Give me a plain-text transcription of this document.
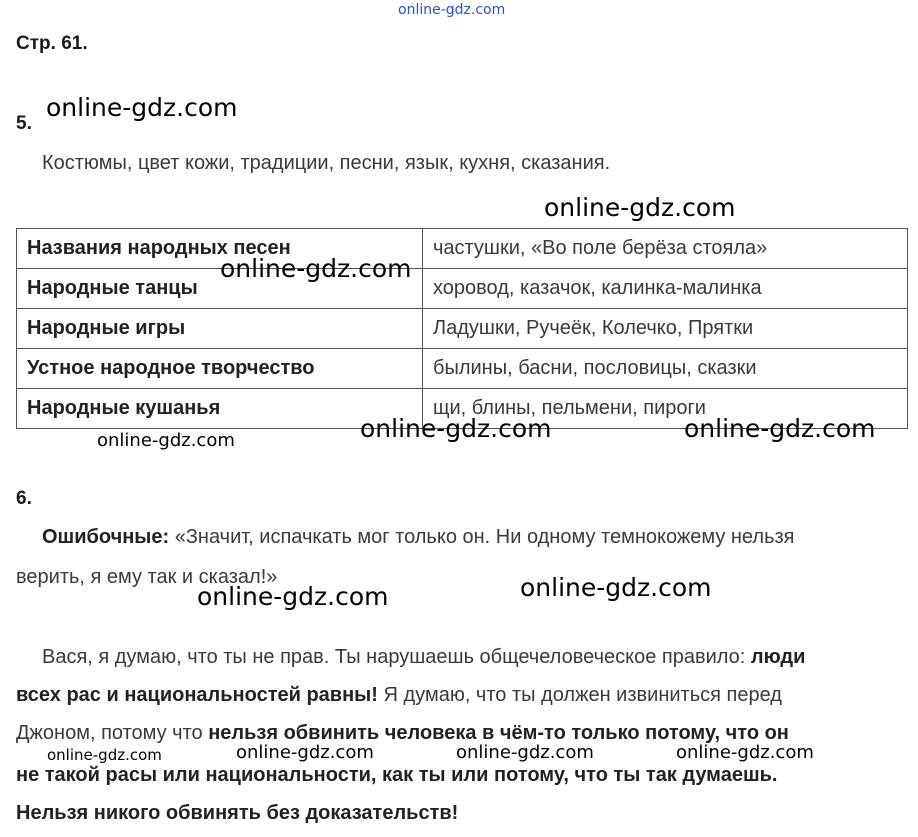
Стр. 61.
5.
Костюмы, цвет кожи, традиции, песни, язык, кухня, сказания.
Названия народных песен	частушки, «Во поле берёза стояла»
Народные танцы	хоровод, казачок, калинка-малинка
Народные игры	Ладушки, Ручеёк, Колечко, Прятки
Устное народное творчество	былины, басни, пословицы, сказки
Народные кушанья	щи, блины, пельмени, пироги
6.
Ошибочные: «Значит, испачкать мог только он. Ни одному темнокожему нельзя
верить, я ему так и сказал!»
Вася, я думаю, что ты не прав. Ты нарушаешь общечеловеческое правило: люди
всех рас и национальностей равны! Я думаю, что ты должен извиниться перед
Джоном, потому что нельзя обвинить человека в чём-то только потому, что он
не такой расы или национальности, как ты или потому, что ты так думаешь.
Нельзя никого обвинять без доказательств!
online-gdz.com
online-gdz.com
online-gdz.com
online-gdz.com
online-gdz.com	online-gdz.com
online-gdz.com
online-gdz.com
online-gdz.com
online-gdz.com	online-gdz.com	online-gdz.com	online-gdz.com
